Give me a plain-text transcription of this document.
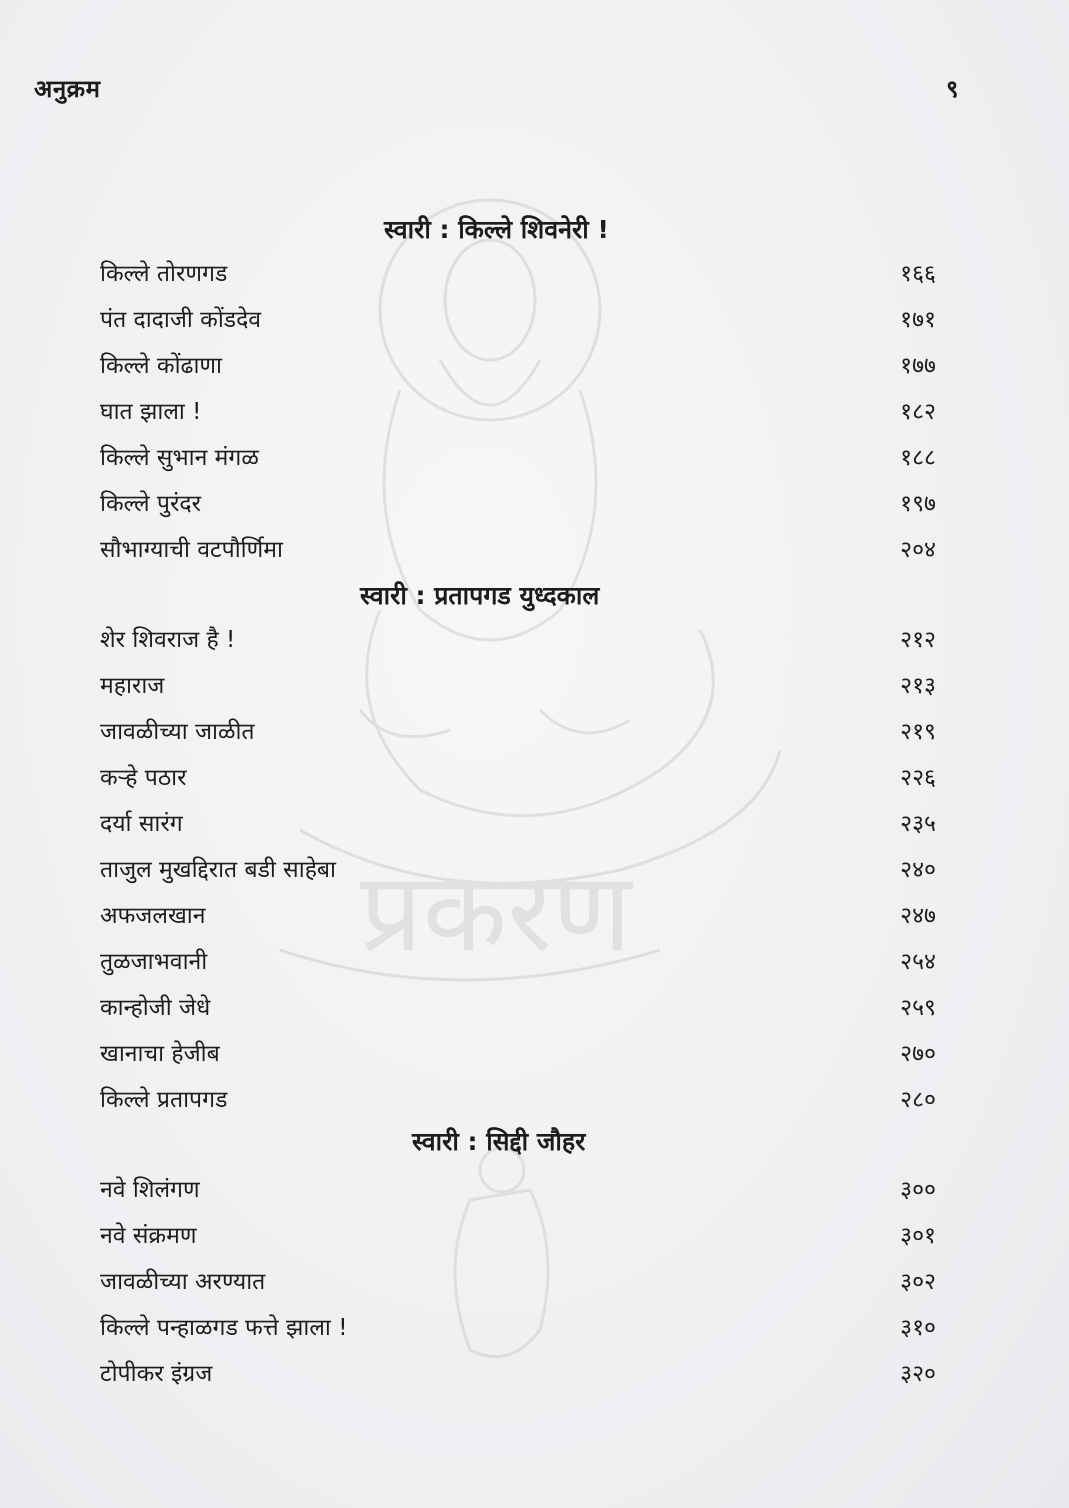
प्रकरण
अनुक्रम	९
स्वारी : किल्ले शिवनेरी !
किल्ले तोरणगड	१६६
पंत दादाजी कोंडदेव	१७१
किल्ले कोंढाणा	१७७
घात झाला !	१८२
किल्ले सुभान मंगळ	१८८
किल्ले पुरंदर	१९७
सौभाग्याची वटपौर्णिमा	२०४
स्वारी : प्रतापगड युध्दकाल
शेर शिवराज है !	२१२
महाराज	२१३
जावळीच्या जाळीत	२१९
कऱ्हे पठार	२२६
दर्या सारंग	२३५
ताजुल मुखद्दिरात बडी साहेबा	२४०
अफजलखान	२४७
तुळजाभवानी	२५४
कान्होजी जेधे	२५९
खानाचा हेजीब	२७०
किल्ले प्रतापगड	२८०
स्वारी : सिद्दी जौहर
नवे शिलंगण	३००
नवे संक्रमण	३०१
जावळीच्या अरण्यात	३०२
किल्ले पन्हाळगड फत्ते झाला !	३१०
टोपीकर इंग्रज	३२०
